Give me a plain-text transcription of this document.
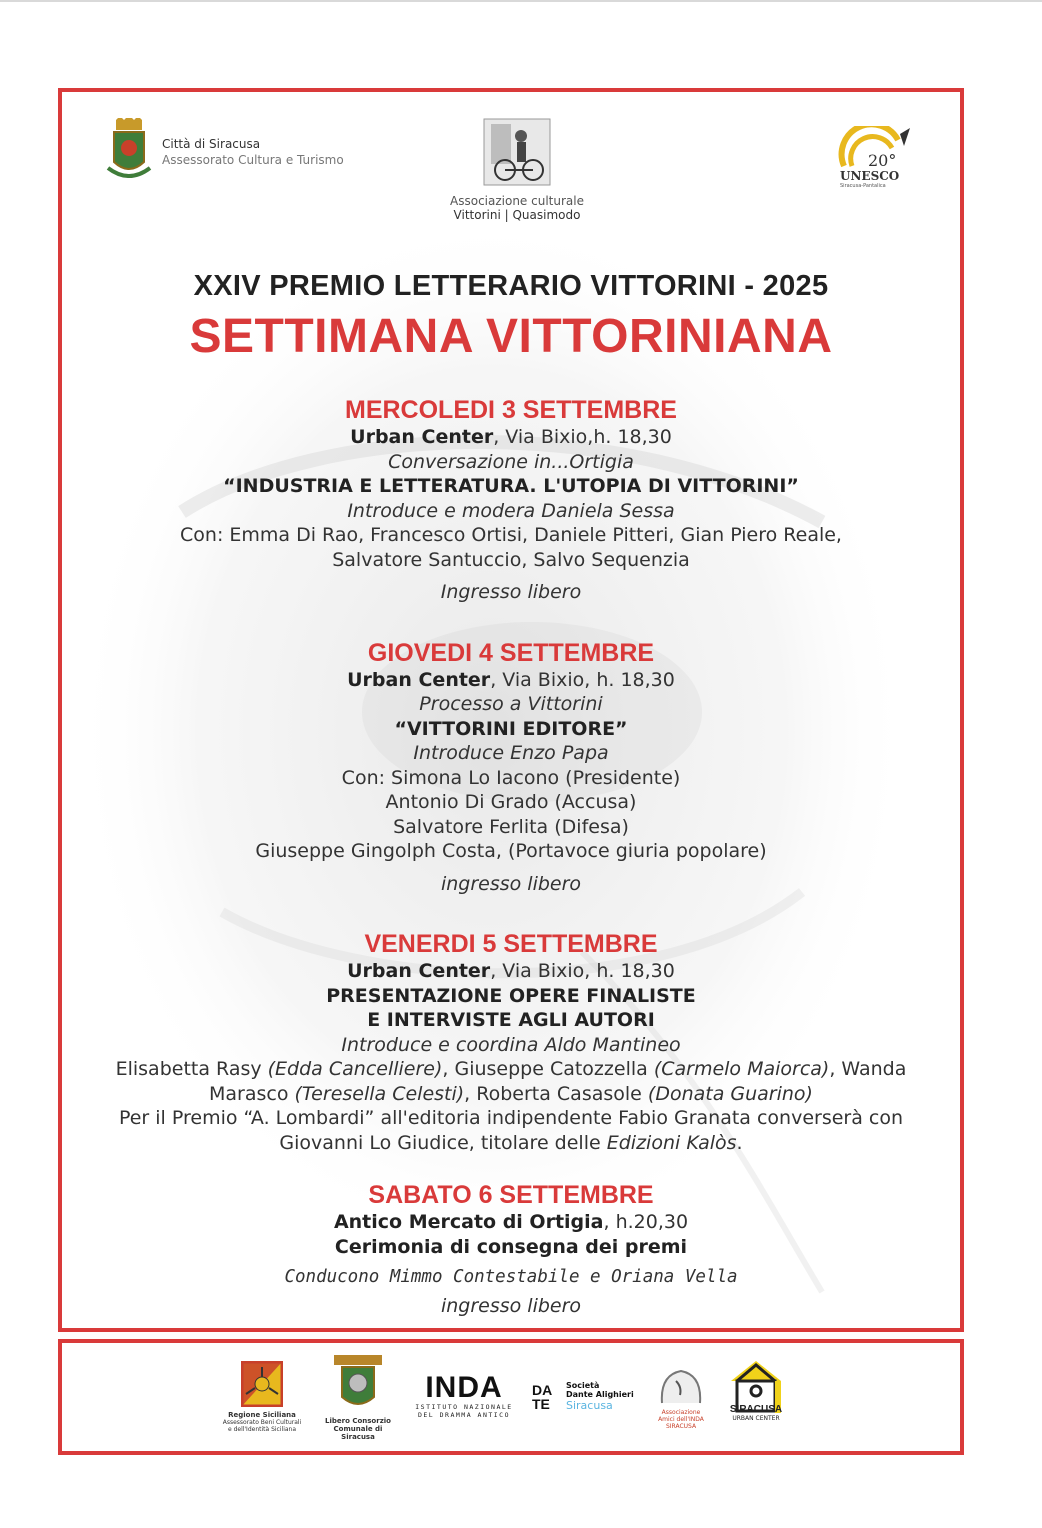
Città di Siracusa
Assessorato Cultura e Turismo
Associazione culturale
Vittorini | Quasimodo
20°
UNESCO
Siracusa-Pantalica
XXIV PREMIO LETTERARIO VITTORINI - 2025
SETTIMANA VITTORINIANA

MERCOLEDI 3 SETTEMBRE

Urban Center, Via Bixio,h. 18,30

Conversazione in...Ortigia

“INDUSTRIA E LETTERATURA. L'UTOPIA DI VITTORINI”

Introduce e modera Daniela Sessa

Con: Emma Di Rao, Francesco Ortisi, Daniele Pitteri, Gian Piero Reale,

Salvatore Santuccio, Salvo Sequenzia

Ingresso libero

GIOVEDI 4 SETTEMBRE

Urban Center, Via Bixio, h. 18,30

Processo a Vittorini

“VITTORINI EDITORE”

Introduce Enzo Papa

Con: Simona Lo Iacono (Presidente)

Antonio Di Grado (Accusa)

Salvatore Ferlita (Difesa)

Giuseppe Gingolph Costa, (Portavoce giuria popolare)

ingresso libero

VENERDI 5 SETTEMBRE

Urban Center, Via Bixio, h. 18,30

PRESENTAZIONE OPERE FINALISTE

E INTERVISTE AGLI AUTORI

Introduce e coordina Aldo Mantineo

Elisabetta Rasy (Edda Cancelliere), Giuseppe Catozzella (Carmelo Maiorca), Wanda

Marasco (Teresella Celesti), Roberta Casasole (Donata Guarino)

Per il Premio “A. Lombardi” all'editoria indipendente Fabio Granata converserà con

Giovanni Lo Giudice, titolare delle Edizioni Kalòs.

SABATO 6 SETTEMBRE

Antico Mercato di Ortigia, h.20,30

Cerimonia di consegna dei premi

Conducono Mimmo Contestabile e Oriana Vella

ingresso libero

Regione Siciliana
Assessorato Beni Culturali
e dell'Identità Siciliana
Libero Consorzio
Comunale di Siracusa
INDA
ISTITUTO NAZIONALE
DEL DRAMMA ANTICO
DA
TE
Società
Dante Alighieri
Siracusa
Associazione
Amici dell'INDA
SIRACUSA
SIRACUSA
URBAN CENTER
